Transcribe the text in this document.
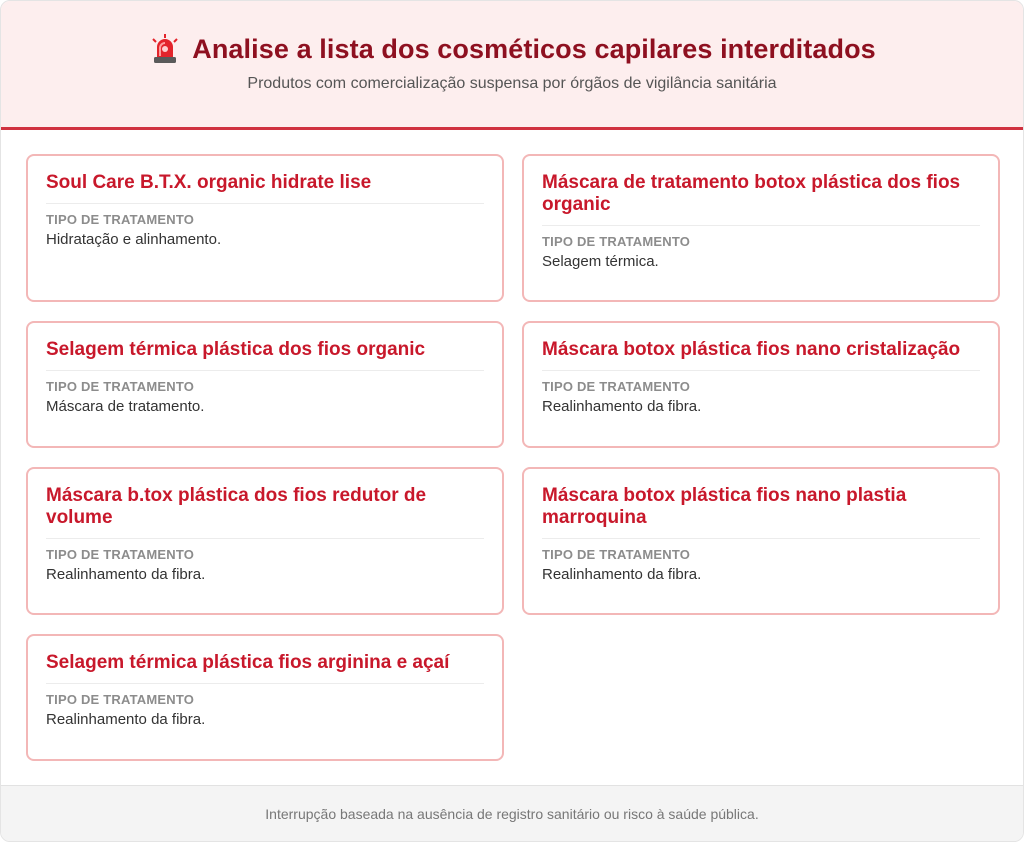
Analise a lista dos cosméticos capilares interditados
Produtos com comercialização suspensa por órgãos de vigilância sanitária
Soul Care B.T.X. organic hidrate lise
TIPO DE TRATAMENTO
Hidratação e alinhamento.
Máscara de tratamento botox plástica dos fios organic
TIPO DE TRATAMENTO
Selagem térmica.
Selagem térmica plástica dos fios organic
TIPO DE TRATAMENTO
Máscara de tratamento.
Máscara botox plástica fios nano cristalização
TIPO DE TRATAMENTO
Realinhamento da fibra.
Máscara b.tox plástica dos fios redutor de volume
TIPO DE TRATAMENTO
Realinhamento da fibra.
Máscara botox plástica fios nano plastia marroquina
TIPO DE TRATAMENTO
Realinhamento da fibra.
Selagem térmica plástica fios arginina e açaí
TIPO DE TRATAMENTO
Realinhamento da fibra.
Interrupção baseada na ausência de registro sanitário ou risco à saúde pública.
